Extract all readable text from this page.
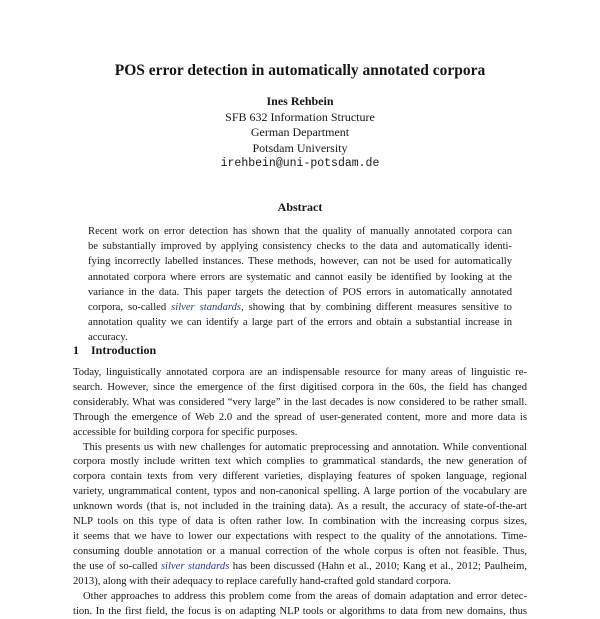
POS error detection in automatically annotated corpora
Ines Rehbein
SFB 632 Information Structure
German Department
Potsdam University
irehbein@uni-potsdam.de
Abstract
Recent work on error detection has shown that the quality of manually annotated corpora can
be substantially improved by applying consistency checks to the data and automatically identi-
fying incorrectly labelled instances. These methods, however, can not be used for automatically
annotated corpora where errors are systematic and cannot easily be identified by looking at the
variance in the data. This paper targets the detection of POS errors in automatically annotated
corpora, so-called silver standards, showing that by combining different measures sensitive to
annotation quality we can identify a large part of the errors and obtain a substantial increase in
accuracy.
1 Introduction
Today, linguistically annotated corpora are an indispensable resource for many areas of linguistic re-
search. However, since the emergence of the first digitised corpora in the 60s, the field has changed
considerably. What was considered “very large” in the last decades is now considered to be rather small.
Through the emergence of Web 2.0 and the spread of user-generated content, more and more data is
accessible for building corpora for specific purposes.
This presents us with new challenges for automatic preprocessing and annotation. While conventional
corpora mostly include written text which complies to grammatical standards, the new generation of
corpora contain texts from very different varieties, displaying features of spoken language, regional
variety, ungrammatical content, typos and non-canonical spelling. A large portion of the vocabulary are
unknown words (that is, not included in the training data). As a result, the accuracy of state-of-the-art
NLP tools on this type of data is often rather low. In combination with the increasing corpus sizes,
it seems that we have to lower our expectations with respect to the quality of the annotations. Time-
consuming double annotation or a manual correction of the whole corpus is often not feasible. Thus,
the use of so-called silver standards has been discussed (Hahn et al., 2010; Kang et al., 2012; Paulheim,
2013), along with their adequacy to replace carefully hand-crafted gold standard corpora.
Other approaches to address this problem come from the areas of domain adaptation and error detec-
tion. In the first field, the focus is on adapting NLP tools or algorithms to data from new domains, thus
